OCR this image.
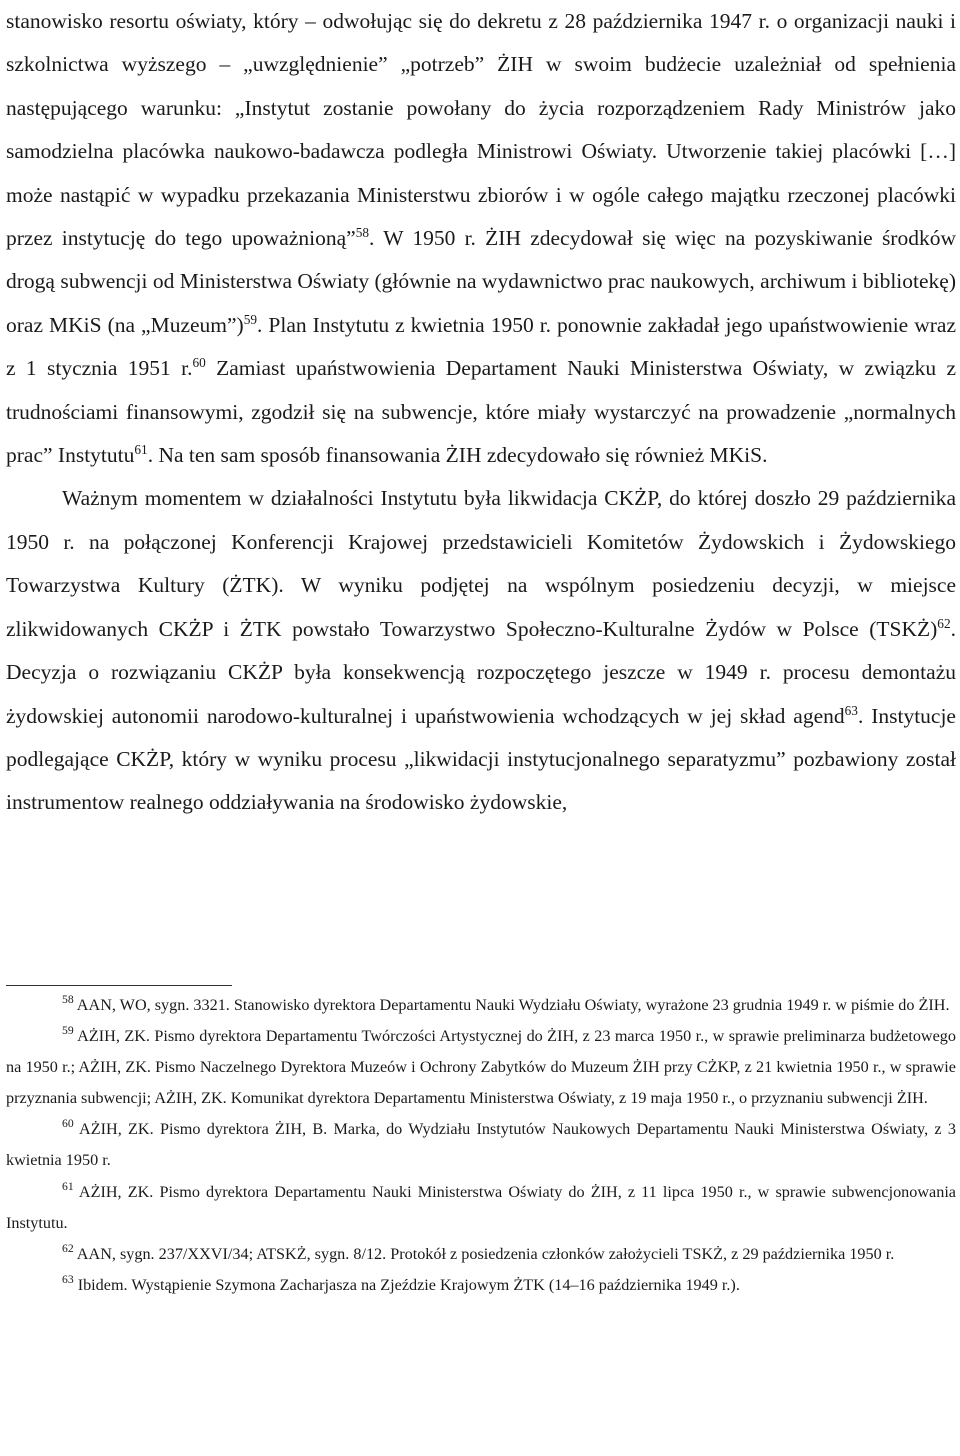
stanowisko resortu oświaty, który – odwołując się do dekretu z 28 października 1947 r. o organizacji nauki i szkolnictwa wyższego – „uwzględnienie” „potrzeb” ŻIH w swoim budżecie uzależniał od spełnienia następującego warunku: „Instytut zostanie powołany do życia rozporządzeniem Rady Ministrów jako samodzielna placówka naukowo-badawcza podległa Ministrowi Oświaty. Utworzenie takiej placówki […] może nastąpić w wypadku przekazania Ministerstwu zbiorów i w ogóle całego majątku rzeczonej placówki przez instytucję do tego upoważnioną”$^{58}$. W 1950 r. ŻIH zdecydował się więc na pozyskiwanie środków drogą subwencji od Ministerstwa Oświaty (głównie na wydawnictwo prac naukowych, archiwum i bibliotekę) oraz MKiS (na „Muzeum”)$^{59}$. Plan Instytutu z kwietnia 1950 r. ponownie zakładał jego upaństwowienie wraz z 1 stycznia 1951 r.$^{60}$ Zamiast upaństwowienia Departament Nauki Ministerstwa Oświaty, w związku z trudnościami finansowymi, zgodził się na subwencje, które miały wystarczyć na prowadzenie „normalnych prac” Instytutu$^{61}$. Na ten sam sposób finansowania ŻIH zdecydowało się również MKiS.

Ważnym momentem w działalności Instytutu była likwidacja CKŻP, do której doszło 29 października 1950 r. na połączonej Konferencji Krajowej przedstawicieli Komitetów Żydowskich i Żydowskiego Towarzystwa Kultury (ŻTK). W wyniku podjętej na wspólnym posiedzeniu decyzji, w miejsce zlikwidowanych CKŻP i ŻTK powstało Towarzystwo Społeczno-Kulturalne Żydów w Polsce (TSKŻ)$^{62}$. Decyzja o rozwiązaniu CKŻP była konsekwencją rozpoczętego jeszcze w 1949 r. procesu demontażu żydowskiej autonomii narodowo-kulturalnej i upaństwowienia wchodzących w jej skład agend$^{63}$. Instytucje podlegające CKŻP, który w wyniku procesu „likwidacji instytucjonalnego separatyzmu” pozbawiony został instrumentow realnego oddziaływania na środowisko żydowskie,

$^{58}$ AAN, WO, sygn. 3321. Stanowisko dyrektora Departamentu Nauki Wydziału Oświaty, wyrażone 23 grudnia 1949 r. w piśmie do ŻIH.

$^{59}$ AŻIH, ZK. Pismo dyrektora Departamentu Twórczości Artystycznej do ŻIH, z 23 marca 1950 r., w sprawie preliminarza budżetowego na 1950 r.; AŻIH, ZK. Pismo Naczelnego Dyrektora Muzeów i Ochrony Zabytków do Muzeum ŻIH przy CŻKP, z 21 kwietnia 1950 r., w sprawie przyznania subwencji; AŻIH, ZK. Komunikat dyrektora Departamentu Ministerstwa Oświaty, z 19 maja 1950 r., o przyznaniu subwencji ŻIH.

$^{60}$ AŻIH, ZK. Pismo dyrektora ŻIH, B. Marka, do Wydziału Instytutów Naukowych Departamentu Nauki Ministerstwa Oświaty, z 3 kwietnia 1950 r.

$^{61}$ AŻIH, ZK. Pismo dyrektora Departamentu Nauki Ministerstwa Oświaty do ŻIH, z 11 lipca 1950 r., w sprawie subwencjonowania Instytutu.

$^{62}$ AAN, sygn. 237/XXVI/34; ATSKŻ, sygn. 8/12. Protokół z posiedzenia członków założycieli TSKŻ, z 29 października 1950 r.

$^{63}$ Ibidem. Wystąpienie Szymona Zacharjasza na Zjeździe Krajowym ŻTK (14–16 października 1949 r.).
